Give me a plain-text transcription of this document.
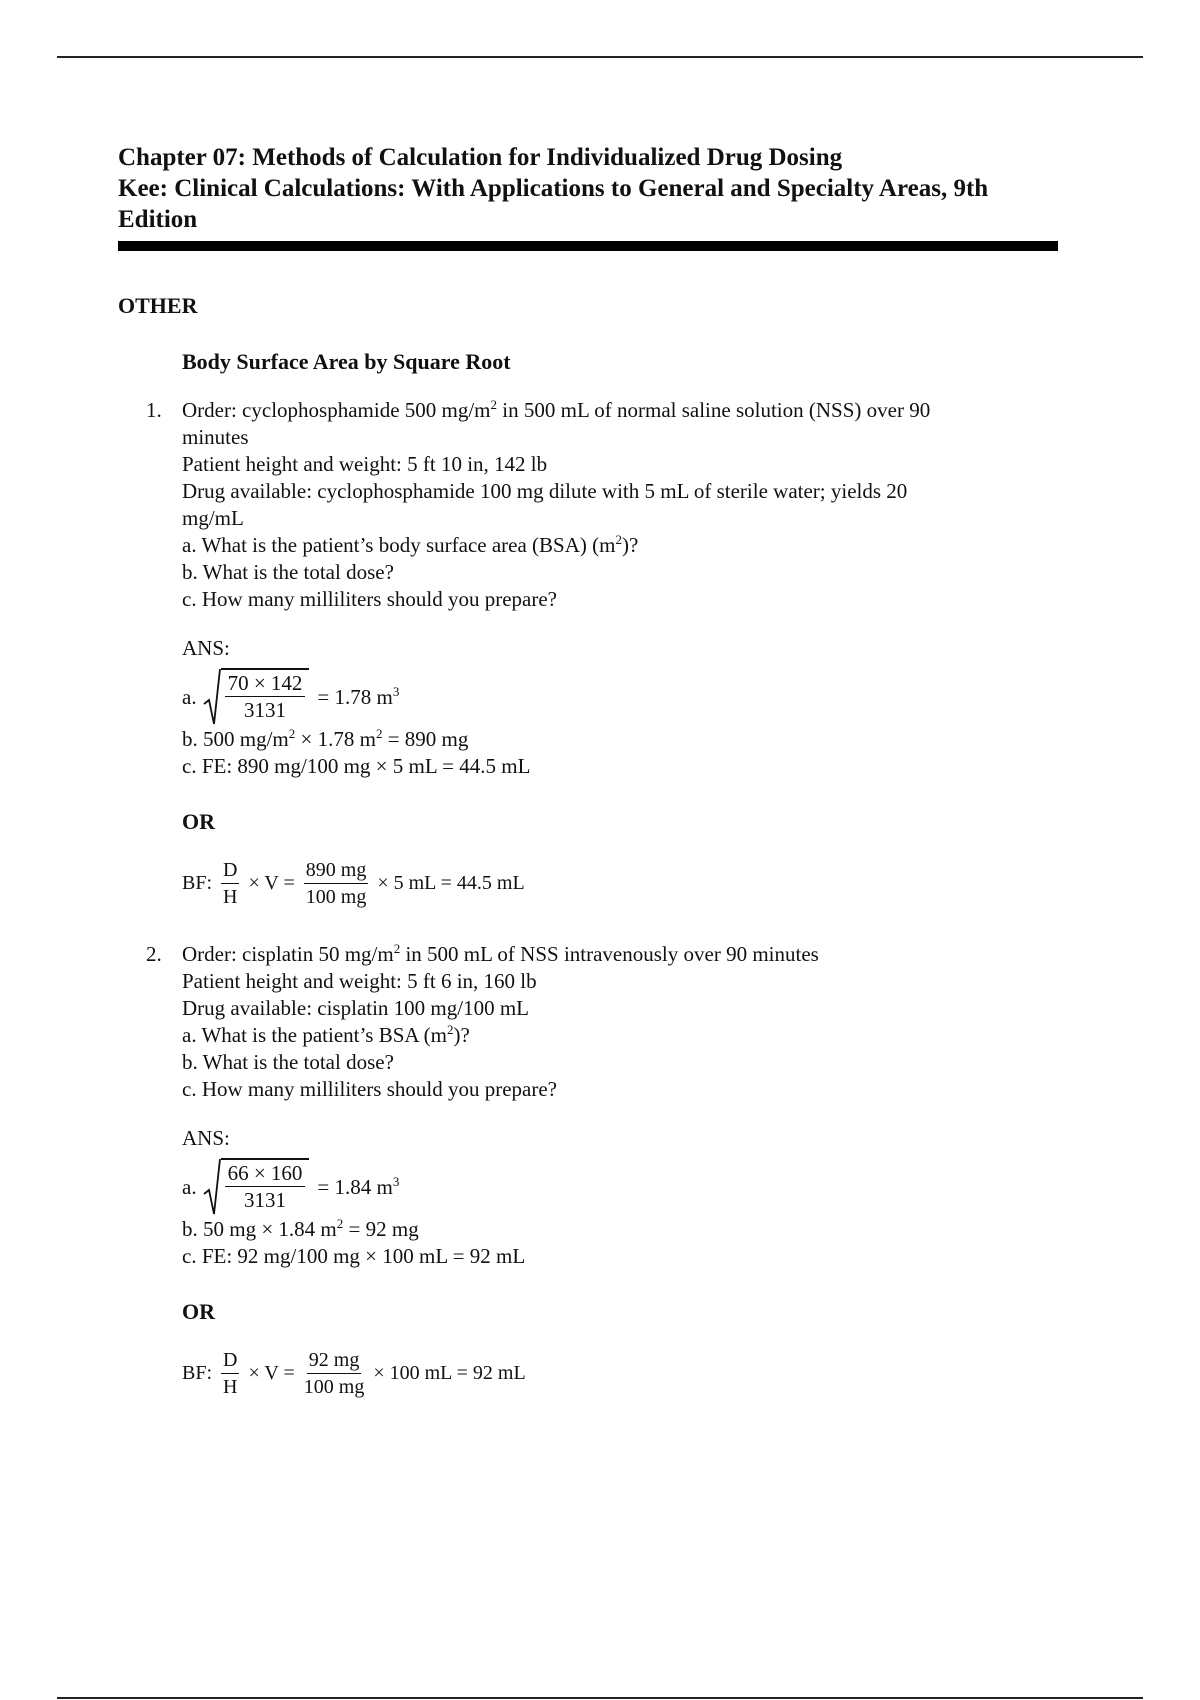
Chapter 07: Methods of Calculation for Individualized Drug Dosing
Kee: Clinical Calculations: With Applications to General and Specialty Areas, 9th
Edition
OTHER
Body Surface Area by Square Root
1. Order: cyclophosphamide 500 $mg/m^2$ in 500 mL of normal saline solution (NSS) over 90
minutes
Patient height and weight: 5 ft 10 in, 142 lb
Drug available: cyclophosphamide 100 mg dilute with 5 mL of sterile water; yields 20
mg/mL
a. What is the patient’s body surface area (BSA) $(m^2)$?
b. What is the total dose?
c. How many milliliters should you prepare?
ANS:
a. $\frac{70 \times 142}{3131} = 1.78$ $m^3$
b. 500 $mg/m^2 \times 1.78$ $m^2 = 890$ mg
c. FE: 890 mg/100 mg × 5 mL = 44.5 mL
OR
BF: $\frac{D}{H} \times V = \frac{890 mg}{100 mg} \times 5$ mL = 44.5 mL
2. Order: cisplatin 50 $mg/m^2$ in 500 mL of NSS intravenously over 90 minutes
Patient height and weight: 5 ft 6 in, 160 lb
Drug available: cisplatin 100 mg/100 mL
a. What is the patient’s BSA $(m^2)$?
b. What is the total dose?
c. How many milliliters should you prepare?
ANS:
a. $\frac{66 \times 160}{3131} = 1.84$ $m^3$
b. 50 mg × 1.84 $m^2 = 92$ mg
c. FE: 92 mg/100 mg × 100 mL = 92 mL
OR
BF: $\frac{D}{H} \times V = \frac{92 mg}{100 mg} \times 100$ mL = 92 mL
